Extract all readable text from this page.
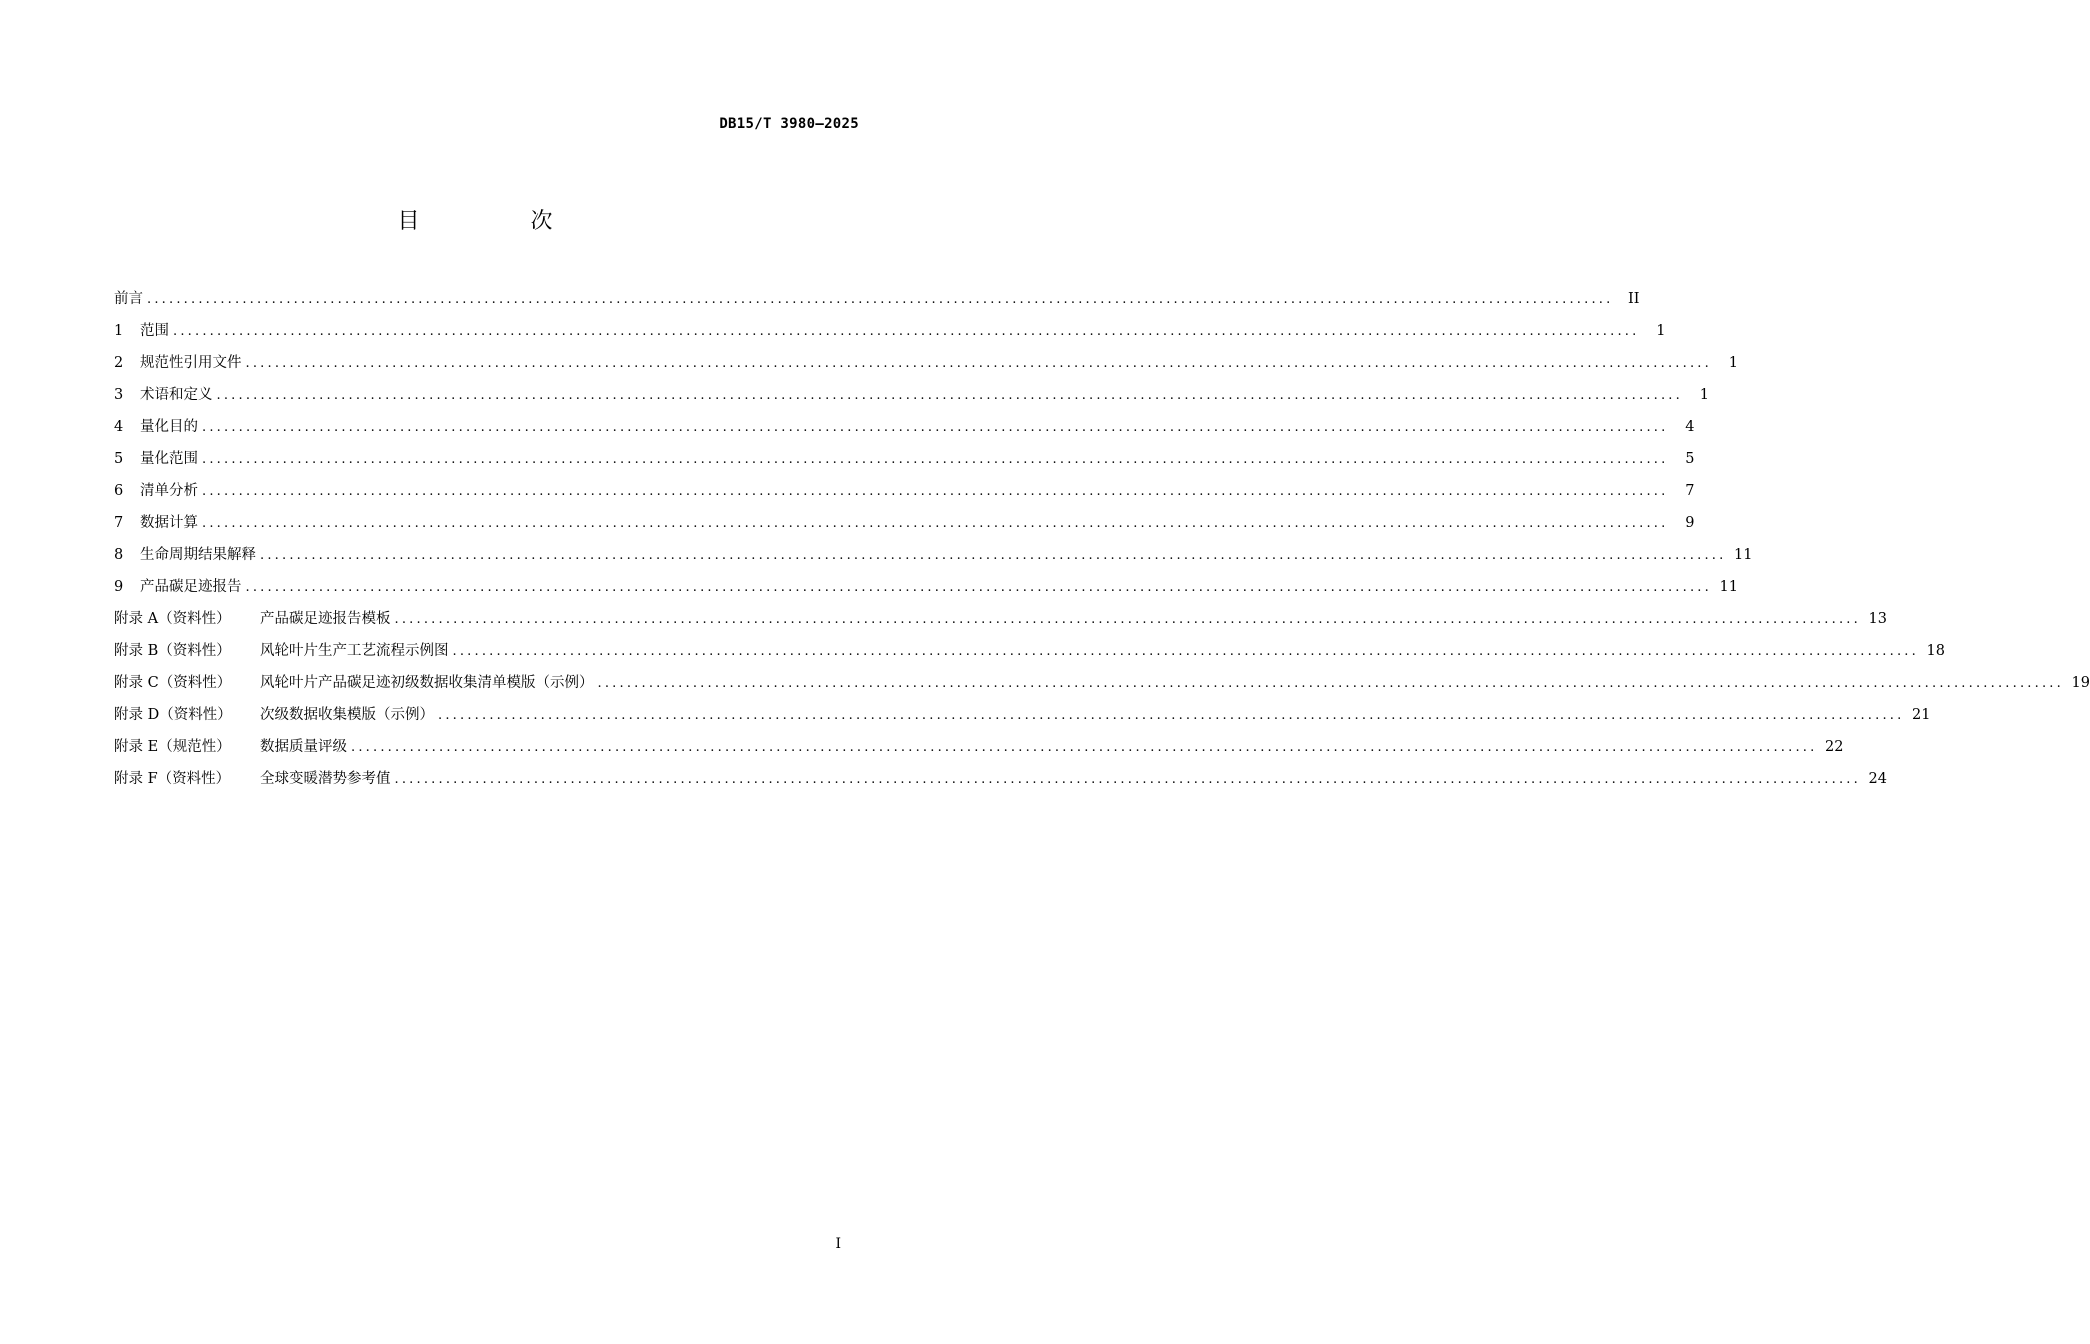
DB15/T 3980—2025
目 次
前言 ........................................................................................................................................................................................................	II
1	范围 ........................................................................................................................................................................................................	1
2	规范性引用文件 ........................................................................................................................................................................................................	1
3	术语和定义 ........................................................................................................................................................................................................	1
4	量化目的 ........................................................................................................................................................................................................	4
5	量化范围 ........................................................................................................................................................................................................	5
6	清单分析 ........................................................................................................................................................................................................	7
7	数据计算 ........................................................................................................................................................................................................	9
8	生命周期结果解释 ........................................................................................................................................................................................................ 11
9	产品碳足迹报告 ........................................................................................................................................................................................................ 11
附录 A（资料性）	产品碳足迹报告模板 ........................................................................................................................................................................................................ 13
附录 B（资料性）	风轮叶片生产工艺流程示例图 ........................................................................................................................................................................................................ 18
附录 C（资料性）	风轮叶片产品碳足迹初级数据收集清单模版（示例） ........................................................................................................................................................................................................ 19
附录 D（资料性）	次级数据收集模版（示例） ........................................................................................................................................................................................................ 21
附录 E（规范性）	数据质量评级 ........................................................................................................................................................................................................ 22
附录 F（资料性）	全球变暖潜势参考值 ........................................................................................................................................................................................................ 24
I
